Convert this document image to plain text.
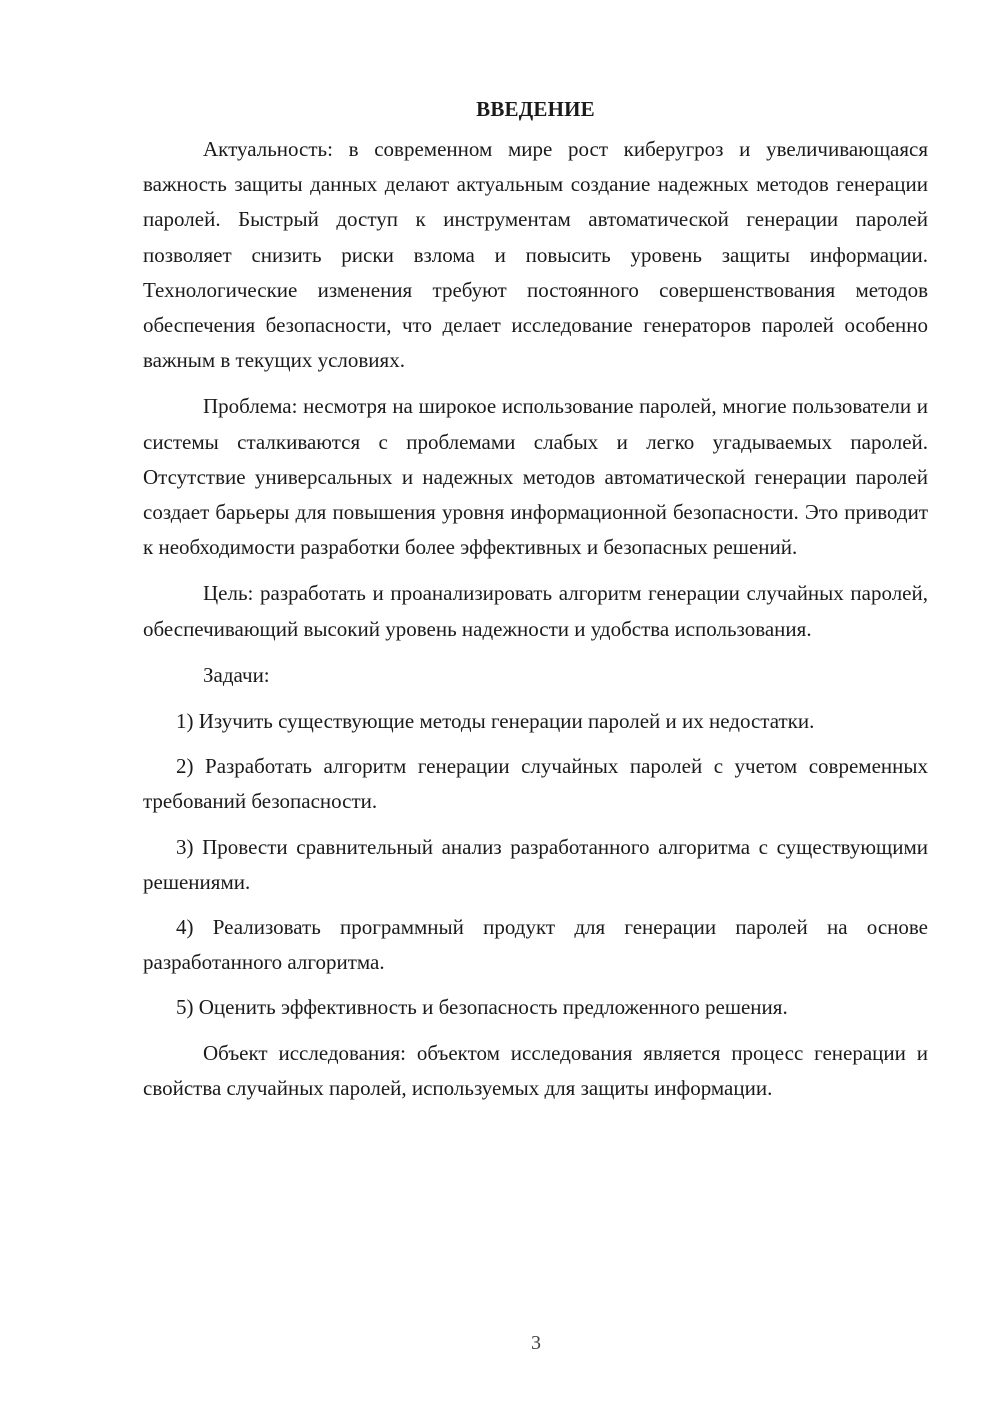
ВВЕДЕНИЕ

Актуальность: в современном мире рост киберугроз и увеличивающаяся важность защиты данных делают актуальным создание надежных методов генерации паролей. Быстрый доступ к инструментам автоматической генерации паролей позволяет снизить риски взлома и повысить уровень защиты информации. Технологические изменения требуют постоянного совершенствования методов обеспечения безопасности, что делает исследование генераторов паролей особенно важным в текущих условиях.

Проблема: несмотря на широкое использование паролей, многие пользователи и системы сталкиваются с проблемами слабых и легко угадываемых паролей. Отсутствие универсальных и надежных методов автоматической генерации паролей создает барьеры для повышения уровня информационной безопасности. Это приводит к необходимости разработки более эффективных и безопасных решений.

Цель: разработать и проанализировать алгоритм генерации случайных паролей, обеспечивающий высокий уровень надежности и удобства использования.

Задачи:

1) Изучить существующие методы генерации паролей и их недостатки.

2) Разработать алгоритм генерации случайных паролей с учетом современных требований безопасности.

3) Провести сравнительный анализ разработанного алгоритма с существующими решениями.

4) Реализовать программный продукт для генерации паролей на основе разработанного алгоритма.

5) Оценить эффективность и безопасность предложенного решения.

Объект исследования: объектом исследования является процесс генерации и свойства случайных паролей, используемых для защиты информации.

3
